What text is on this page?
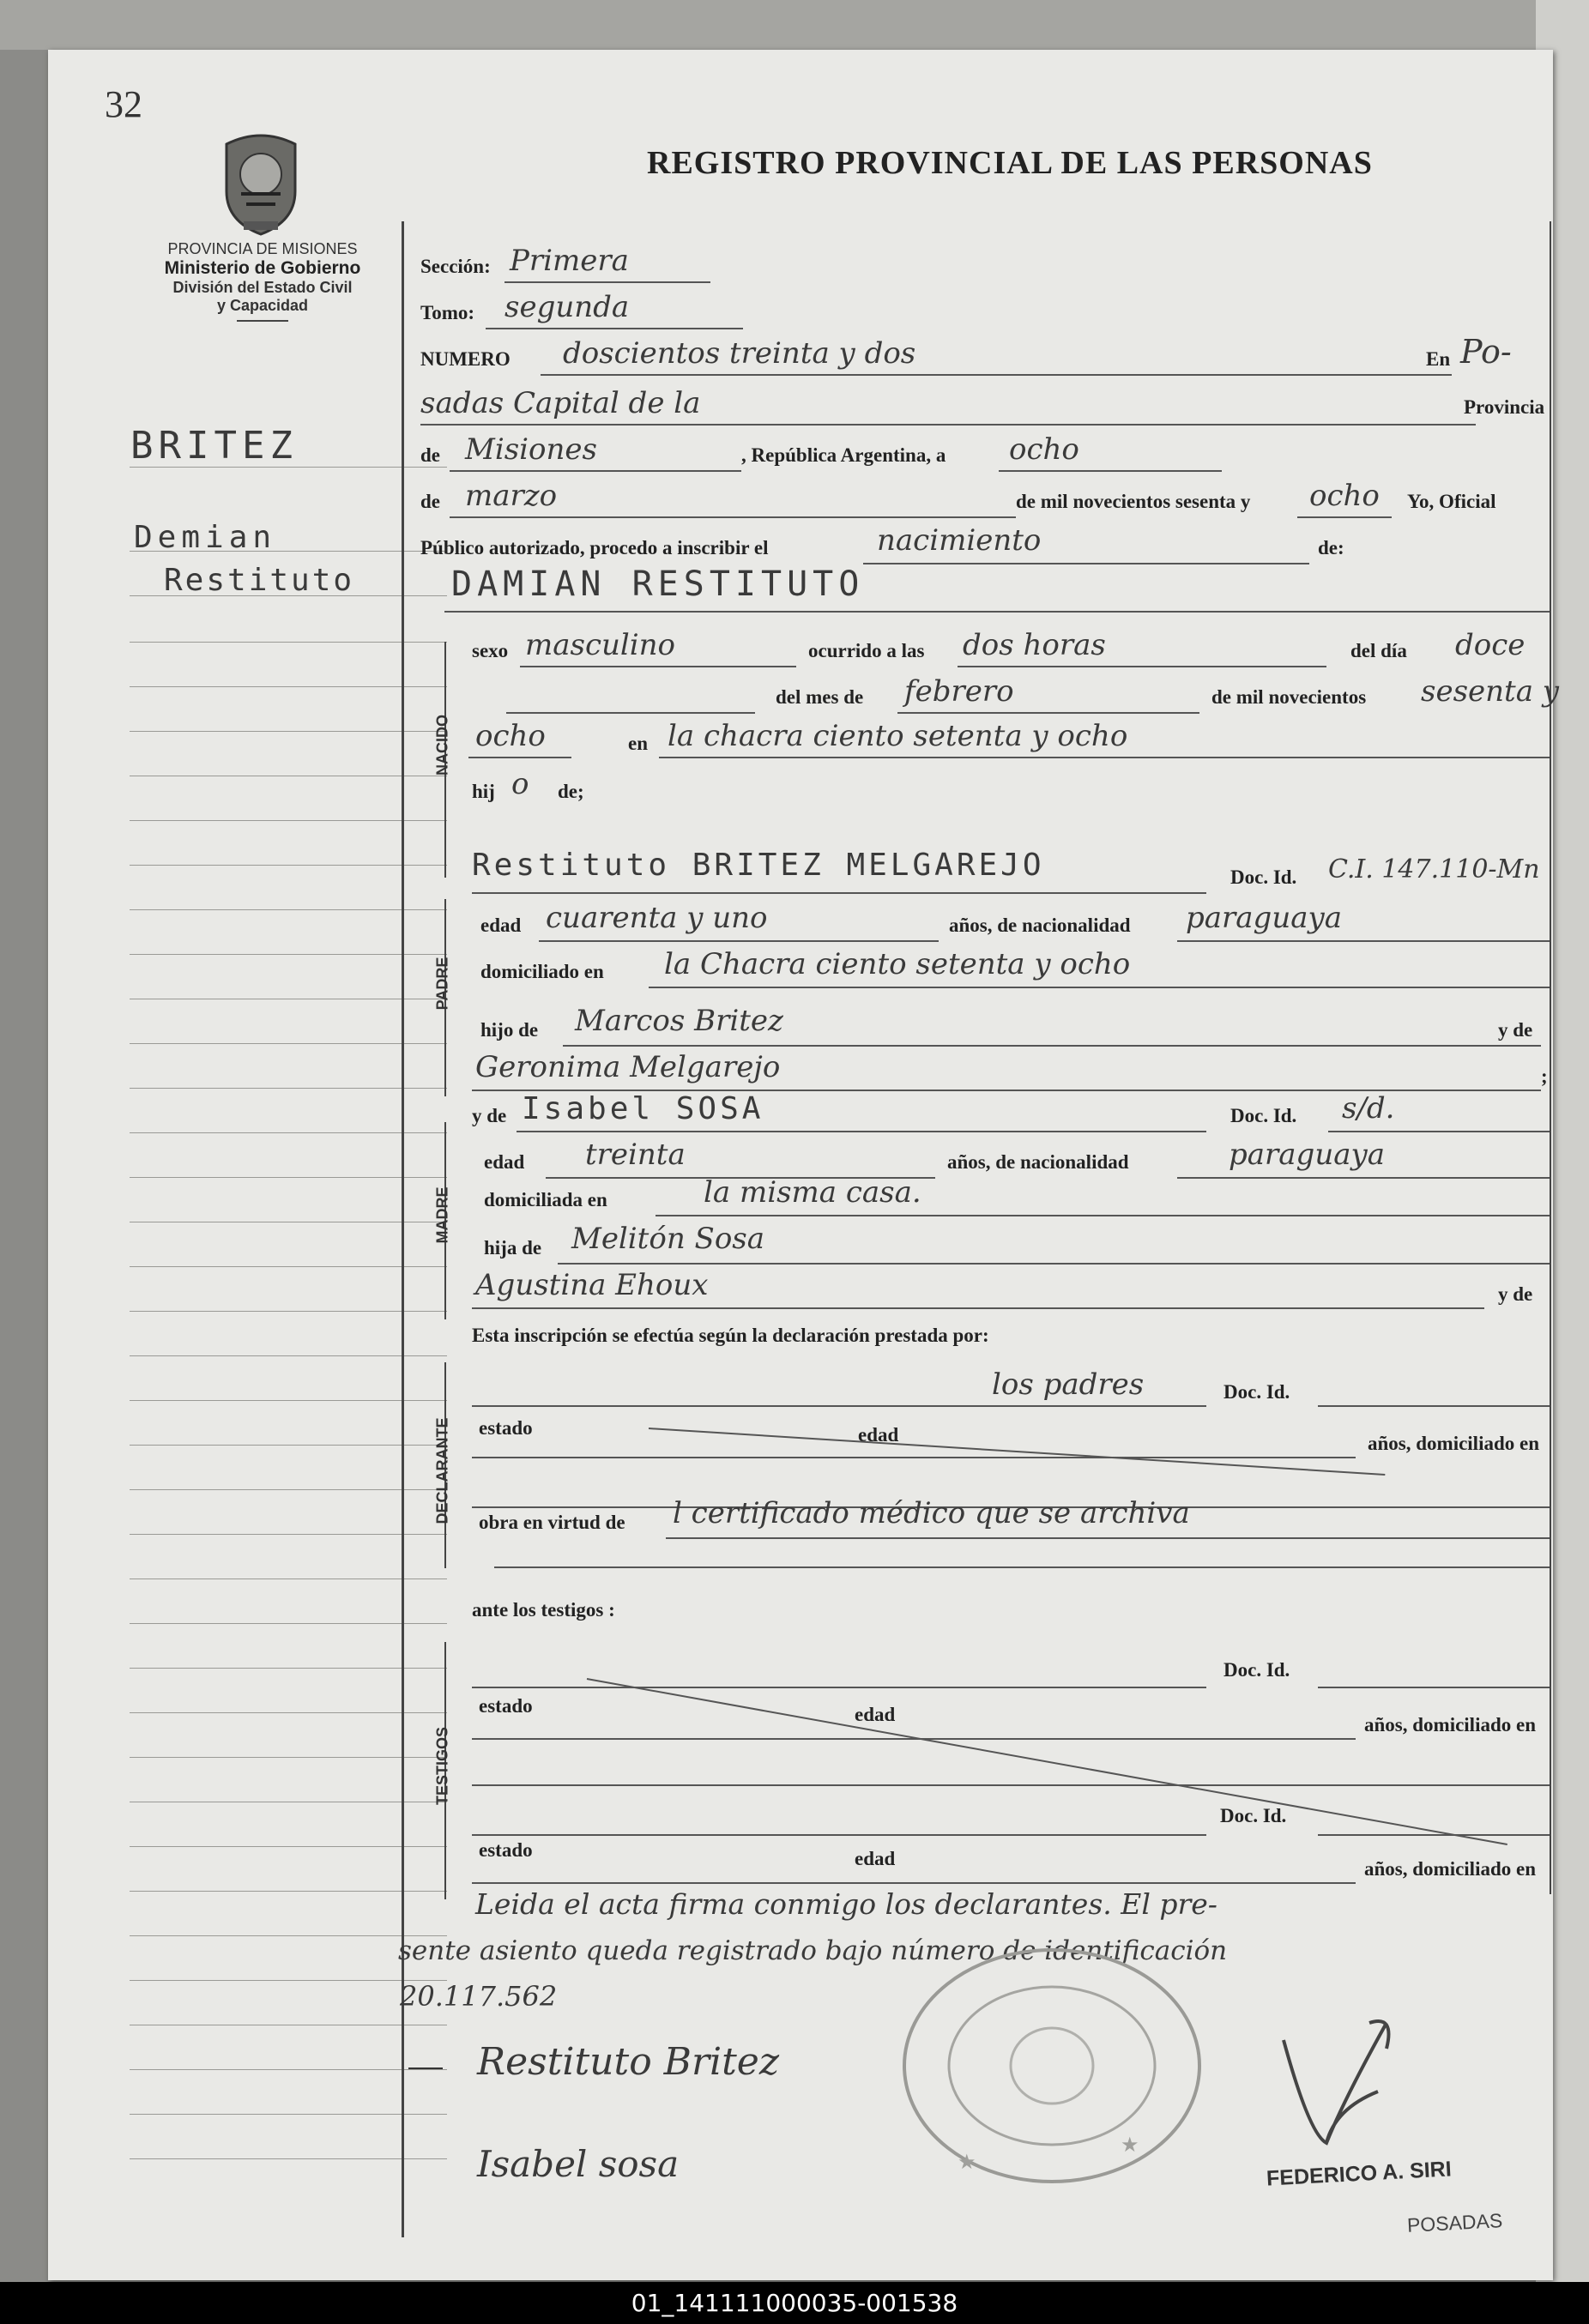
32
PROVINCIA DE MISIONES
Ministerio de Gobierno
División del Estado Civil
y Capacidad
REGISTRO PROVINCIAL DE LAS PERSONAS
BRITEZ
Demian
Restituto
Sección: Primera
Tomo: segunda
NUMERO doscientos treinta y dos	En Po-
sadas Capital de la	Provincia
de Misiones	, República Argentina, a ocho
de marzo	de mil novecientos sesenta y ocho Yo, Oficial
Público autorizado, procedo a inscribir el	nacimiento	de:
NACIDO
DAMIAN RESTITUTO
sexo masculino	ocurrido a las dos horas	del día doce
del mes de febrero	de mil novecientos sesenta y
ocho	en la chacra ciento setenta y ocho
hij o de;
PADRE
Restituto BRITEZ MELGAREJO	Doc. Id. C.I. 147.110-Mn
edad cuarenta y uno	años, de nacionalidad paraguaya
domiciliado en la Chacra ciento setenta y ocho
hijo de Marcos Britez	y de
Geronima Melgarejo	;
MADRE
y de Isabel SOSA	Doc. Id. s/d.
edad treinta	años, de nacionalidad	paraguaya
domiciliada en	la misma casa.
hija de Melitón Sosa
Agustina Ehoux	y de
Esta inscripción se efectúa según la declaración prestada por:
DECLARANTE
los padres	Doc. Id.
estado	edad	años, domiciliado en
obra en virtud de l certificado médico que se archiva
ante los testigos :
TESTIGOS
Doc. Id.
estado	edad	años, domiciliado en
Doc. Id.
estado	edad	años, domiciliado en
Leida el acta firma conmigo los declarantes. El pre-
sente asiento queda registrado bajo número de identificación
20.117.562
★
★
Restituto Britez
Isabel sosa	FEDERICO A. SIRI
POSADAS
01_141111000035-001538
